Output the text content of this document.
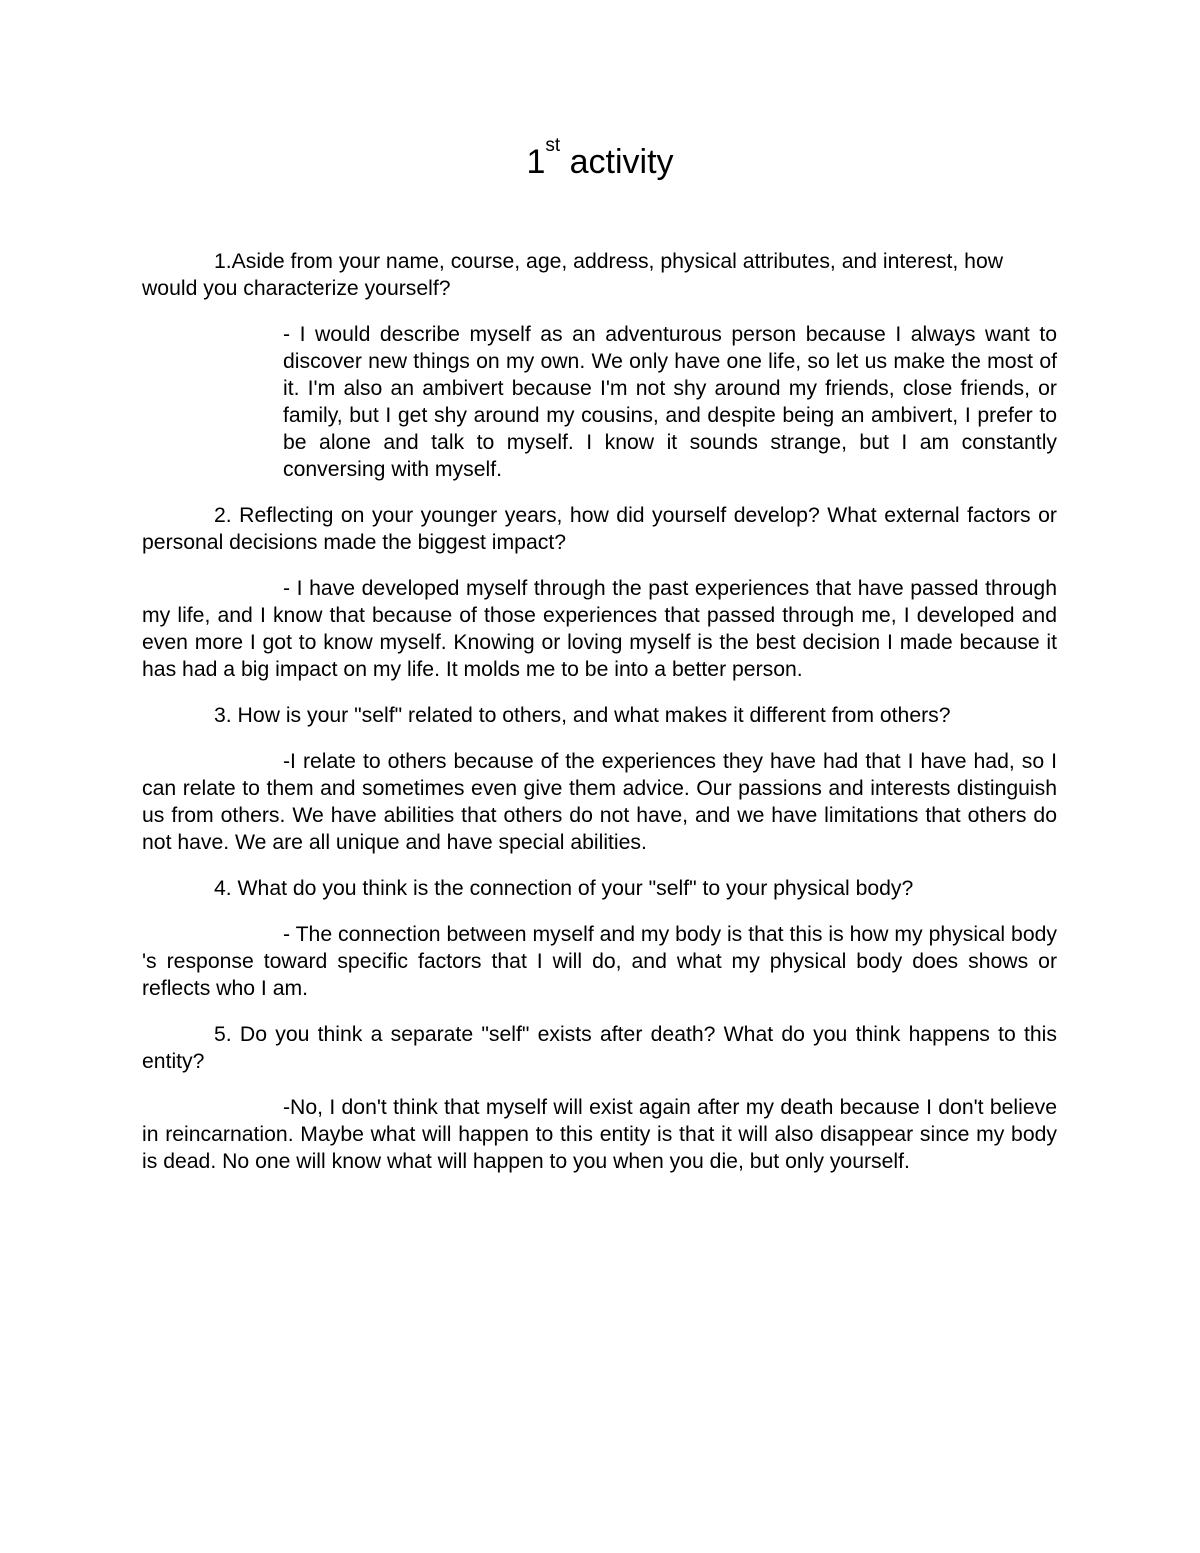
1st activity

1.Aside from your name, course, age, address, physical attributes, and interest, how would you characterize yourself?

- I would describe myself as an adventurous person because I always want to discover new things on my own. We only have one life, so let us make the most of it. I'm also an ambivert because I'm not shy around my friends, close friends, or family, but I get shy around my cousins, and despite being an ambivert, I prefer to be alone and talk to myself. I know it sounds strange, but I am constantly conversing with myself.

2. Reflecting on your younger years, how did yourself develop? What external factors or personal decisions made the biggest impact?

- I have developed myself through the past experiences that have passed through my life, and I know that because of those experiences that passed through me, I developed and even more I got to know myself. Knowing or loving myself is the best decision I made because it has had a big impact on my life. It molds me to be into a better person.

3. How is your "self" related to others, and what makes it different from others?

-I relate to others because of the experiences they have had that I have had, so I can relate to them and sometimes even give them advice. Our passions and interests distinguish us from others. We have abilities that others do not have, and we have limitations that others do not have. We are all unique and have special abilities.

4. What do you think is the connection of your "self" to your physical body?

- The connection between myself and my body is that this is how my physical body 's response toward specific factors that I will do, and what my physical body does shows or reflects who I am.

5. Do you think a separate "self" exists after death? What do you think happens to this entity?

-No, I don't think that myself will exist again after my death because I don't believe in reincarnation. Maybe what will happen to this entity is that it will also disappear since my body is dead. No one will know what will happen to you when you die, but only yourself.
